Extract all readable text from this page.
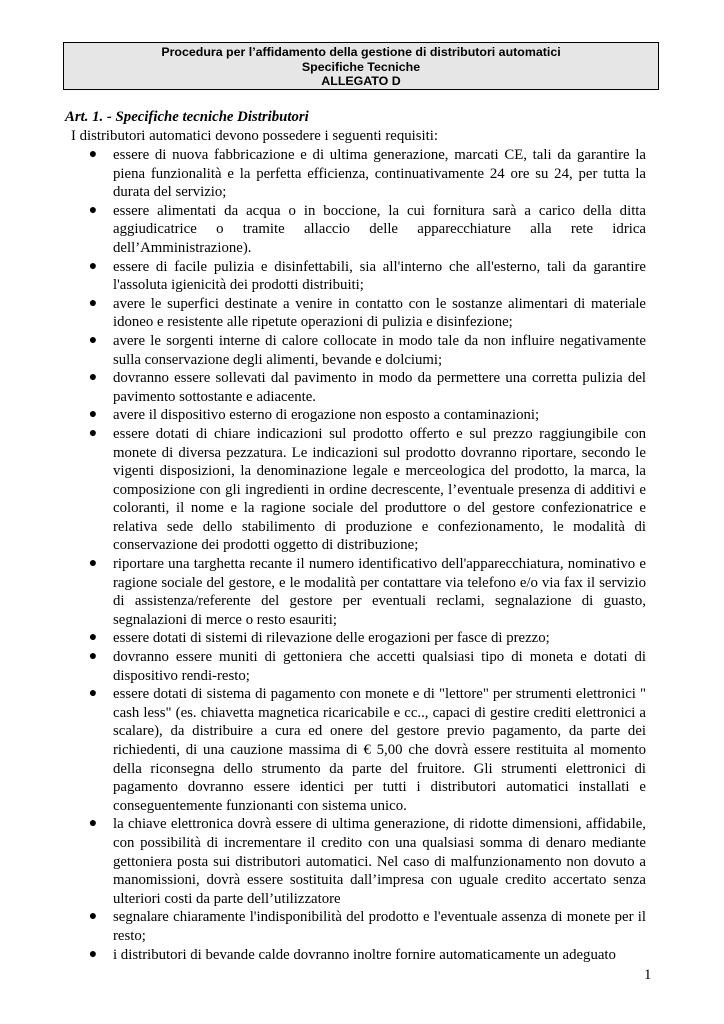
Procedura per l’affidamento della gestione di distributori automatici
Specifiche Tecniche
ALLEGATO D
Art. 1. - Specifiche tecniche Distributori
I distributori automatici devono possedere i seguenti requisiti:
● essere di nuova fabbricazione e di ultima generazione, marcati CE, tali da garantire la piena funzionalità e la perfetta efficienza, continuativamente 24 ore su 24, per tutta la durata del servizio;
● essere alimentati da acqua o in boccione, la cui fornitura sarà a carico della ditta aggiudicatrice o tramite allaccio delle apparecchiature alla rete idrica dell’Amministrazione).
● essere di facile pulizia e disinfettabili, sia all'interno che all'esterno, tali da garantire l'assoluta igienicità dei prodotti distribuiti;
● avere le superfici destinate a venire in contatto con le sostanze alimentari di materiale idoneo e resistente alle ripetute operazioni di pulizia e disinfezione;
● avere le sorgenti interne di calore collocate in modo tale da non influire negativamente sulla conservazione degli alimenti, bevande e dolciumi;
● dovranno essere sollevati dal pavimento in modo da permettere una corretta pulizia del pavimento sottostante e adiacente.
● avere il dispositivo esterno di erogazione non esposto a contaminazioni;
● essere dotati di chiare indicazioni sul prodotto offerto e sul prezzo raggiungibile con monete di diversa pezzatura. Le indicazioni sul prodotto dovranno riportare, secondo le vigenti disposizioni, la denominazione legale e merceologica del prodotto, la marca, la composizione con gli ingredienti in ordine decrescente, l’eventuale presenza di additivi e coloranti, il nome e la ragione sociale del produttore o del gestore confezionatrice e relativa sede dello stabilimento di produzione e confezionamento, le modalità di conservazione dei prodotti oggetto di distribuzione;
● riportare una targhetta recante il numero identificativo dell'apparecchiatura, nominativo e ragione sociale del gestore, e le modalità per contattare via telefono e/o via fax il servizio di assistenza/referente del gestore per eventuali reclami, segnalazione di guasto, segnalazioni di merce o resto esauriti;
● essere dotati di sistemi di rilevazione delle erogazioni per fasce di prezzo;
● dovranno essere muniti di gettoniera che accetti qualsiasi tipo di moneta e dotati di dispositivo rendi-resto;
● essere dotati di sistema di pagamento con monete e di "lettore" per strumenti elettronici " cash less" (es. chiavetta magnetica ricaricabile e cc.., capaci di gestire crediti elettronici a scalare), da distribuire a cura ed onere del gestore previo pagamento, da parte dei richiedenti, di una cauzione massima di € 5,00 che dovrà essere restituita al momento della riconsegna dello strumento da parte del fruitore. Gli strumenti elettronici di pagamento dovranno essere identici per tutti i distributori automatici installati e conseguentemente funzionanti con sistema unico.
● la chiave elettronica dovrà essere di ultima generazione, di ridotte dimensioni, affidabile, con possibilità di incrementare il credito con una qualsiasi somma di denaro mediante gettoniera posta sui distributori automatici. Nel caso di malfunzionamento non dovuto a manomissioni, dovrà essere sostituita dall’impresa con uguale credito accertato senza ulteriori costi da parte dell’utilizzatore
● segnalare chiaramente l'indisponibilità del prodotto e l'eventuale assenza di monete per il resto;
● i distributori di bevande calde dovranno inoltre fornire automaticamente un adeguato
1
